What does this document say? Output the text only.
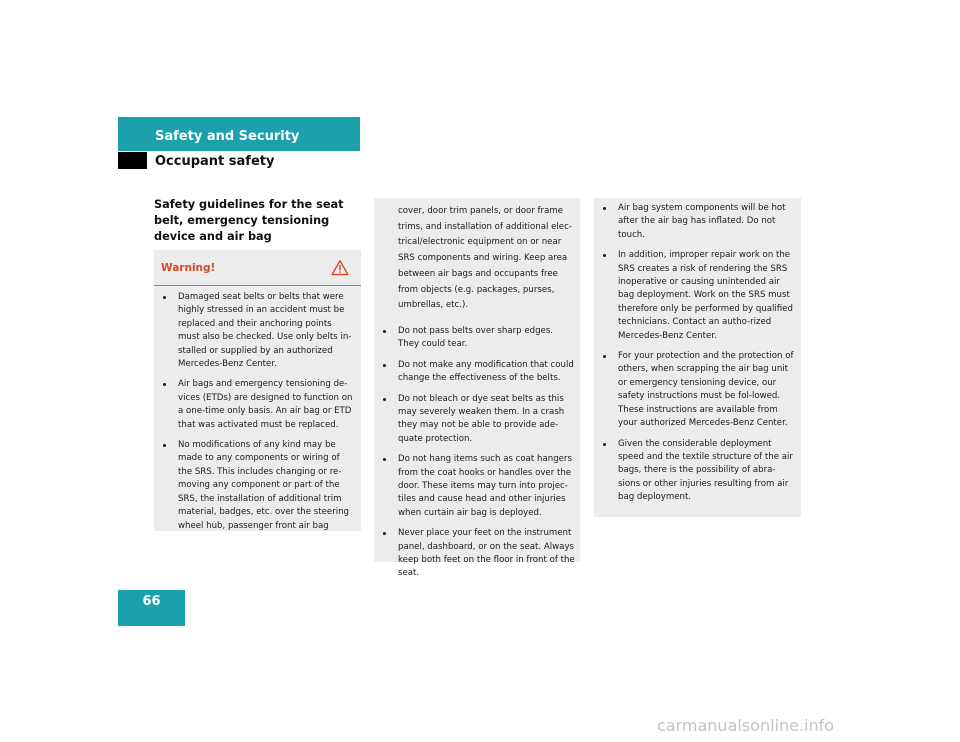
Safety and Security
Occupant safety
Safety guidelines for the seat belt, emergency tensioning device and air bag
Warning!
Damaged seat belts or belts that were highly stressed in an accident must be replaced and their anchoring points must also be checked. Use only belts in-stalled or supplied by an authorized Mercedes-Benz Center.
Air bags and emergency tensioning de-vices (ETDs) are designed to function on a one-time only basis. An air bag or ETD that was activated must be replaced.
No modifications of any kind may be made to any components or wiring of the SRS. This includes changing or re-moving any component or part of the SRS, the installation of additional trim material, badges, etc. over the steering wheel hub, passenger front air bag
cover, door trim panels, or door frame trims, and installation of additional elec-trical/electronic equipment on or near SRS components and wiring. Keep area between air bags and occupants free from objects (e.g. packages, purses, umbrellas, etc.).
Do not pass belts over sharp edges. They could tear.
Do not make any modification that could change the effectiveness of the belts.
Do not bleach or dye seat belts as this may severely weaken them. In a crash they may not be able to provide ade-quate protection.
Do not hang items such as coat hangers from the coat hooks or handles over the door. These items may turn into projec-tiles and cause head and other injuries when curtain air bag is deployed.
Never place your feet on the instrument panel, dashboard, or on the seat. Always keep both feet on the floor in front of the seat.
Air bag system components will be hot after the air bag has inflated. Do not touch.
In addition, improper repair work on the SRS creates a risk of rendering the SRS inoperative or causing unintended air bag deployment. Work on the SRS must therefore only be performed by qualified technicians. Contact an autho-rized Mercedes-Benz Center.
For your protection and the protection of others, when scrapping the air bag unit or emergency tensioning device, our safety instructions must be fol-lowed. These instructions are available from your authorized Mercedes-Benz Center.
Given the considerable deployment speed and the textile structure of the air bags, there is the possibility of abra-sions or other injuries resulting from air bag deployment.
66
carmanualsonline.info
